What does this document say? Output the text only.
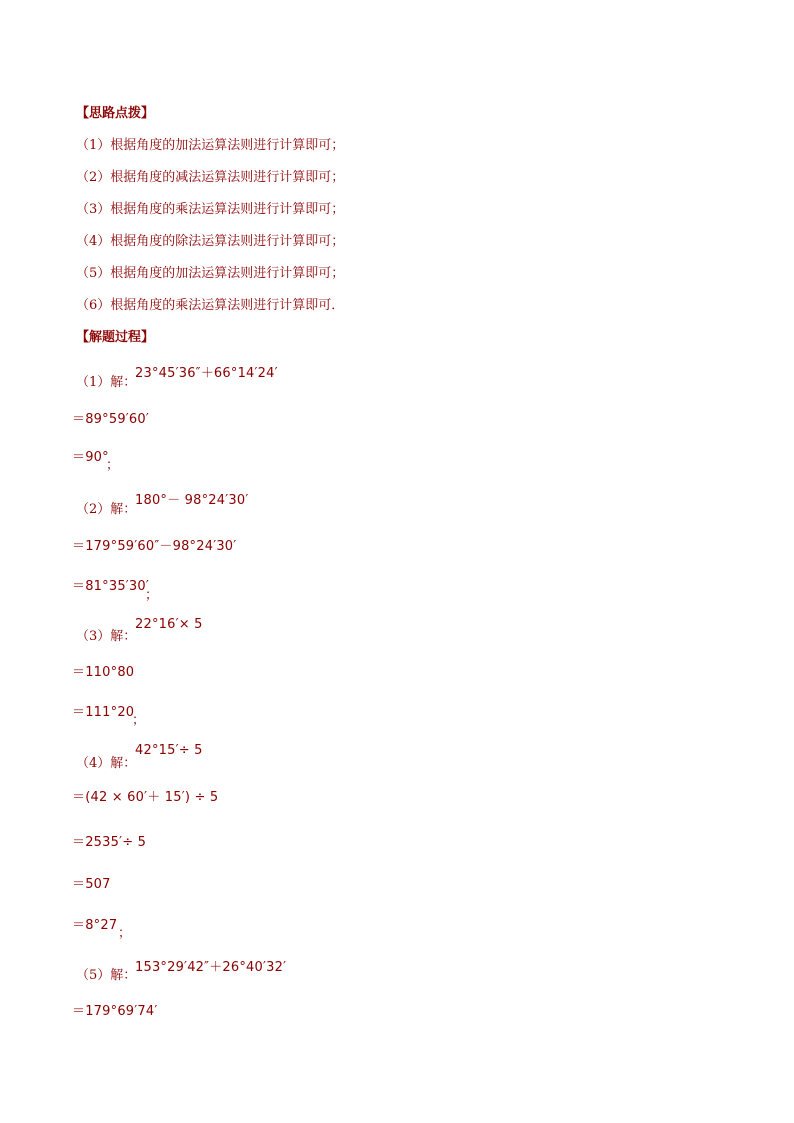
【思路点拨】
（1）根据角度的加法运算法则进行计算即可；
（2）根据角度的减法运算法则进行计算即可；
（3）根据角度的乘法运算法则进行计算即可；
（4）根据角度的除法运算法则进行计算即可；
（5）根据角度的加法运算法则进行计算即可；
（6）根据角度的乘法运算法则进行计算即可．
【解题过程】
（1）解：
23°45′36″＋66°14′24′
＝89°59′60′
＝90°
；
（2）解：
180°－ 98°24′30′
＝179°59′60″－98°24′30′
＝81°35′30′
；
（3）解：
22°16′× 5
＝110°80
＝111°20
；
（4）解：
42°15′÷ 5
＝(42 × 60′＋ 15′) ÷ 5
＝2535′÷ 5
＝507
＝8°27
；
（5）解：
153°29′42″＋26°40′32′
＝179°69′74′
